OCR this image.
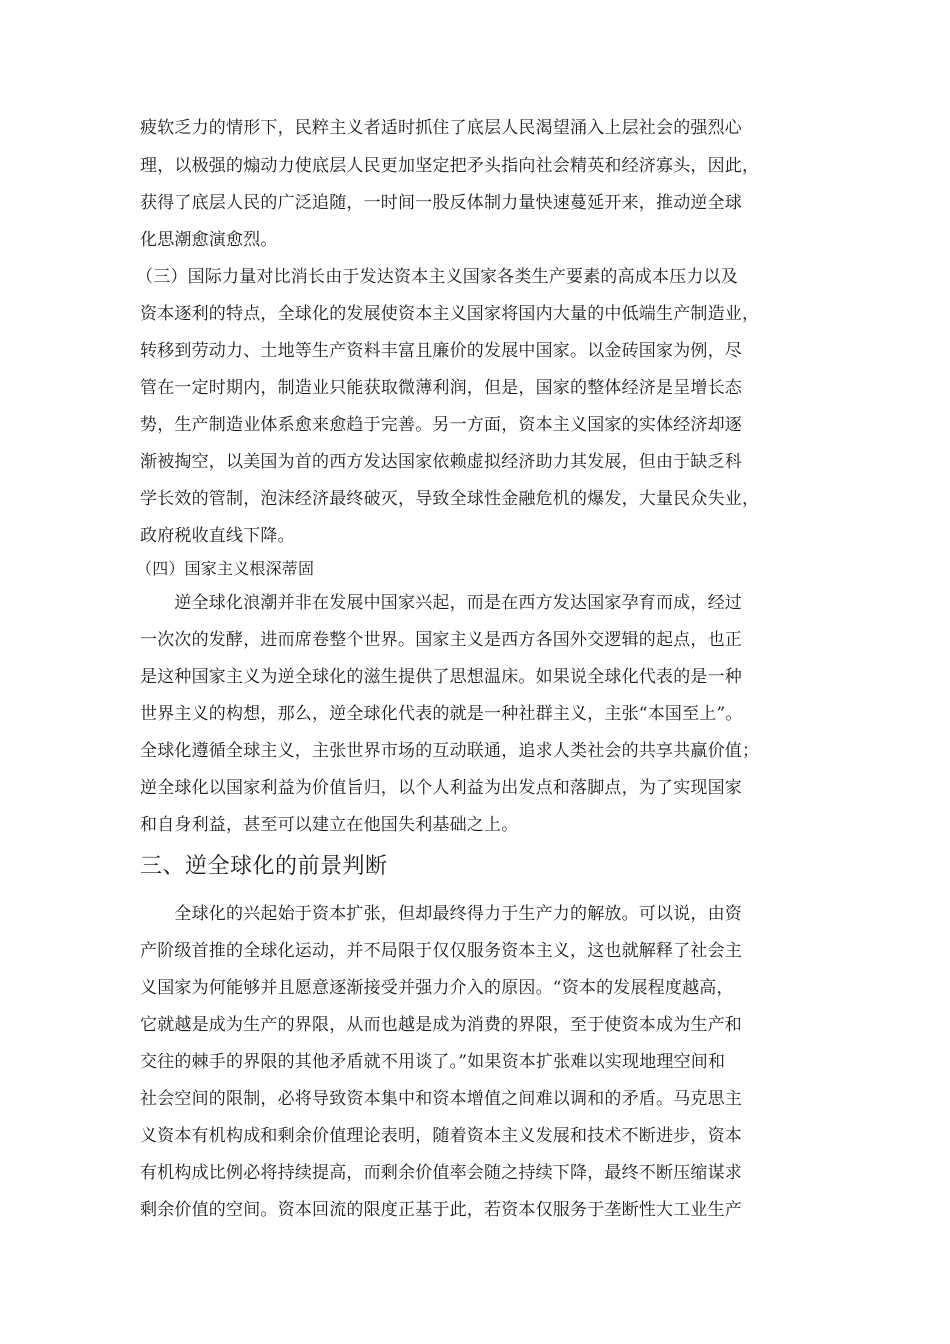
疲软乏力的情形下，民粹主义者适时抓住了底层人民渴望涌入上层社会的强烈心
理，以极强的煽动力使底层人民更加坚定把矛头指向社会精英和经济寡头，因此，
获得了底层人民的广泛追随，一时间一股反体制力量快速蔓延开来，推动逆全球
化思潮愈演愈烈。
（三）国际力量对比消长由于发达资本主义国家各类生产要素的高成本压力以及
资本逐利的特点，全球化的发展使资本主义国家将国内大量的中低端生产制造业，
转移到劳动力、土地等生产资料丰富且廉价的发展中国家。以金砖国家为例，尽
管在一定时期内，制造业只能获取微薄利润，但是，国家的整体经济是呈增长态
势，生产制造业体系愈来愈趋于完善。另一方面，资本主义国家的实体经济却逐
渐被掏空，以美国为首的西方发达国家依赖虚拟经济助力其发展，但由于缺乏科
学长效的管制，泡沫经济最终破灭，导致全球性金融危机的爆发，大量民众失业，
政府税收直线下降。
（四）国家主义根深蒂固
　　逆全球化浪潮并非在发展中国家兴起，而是在西方发达国家孕育而成，经过
一次次的发酵，进而席卷整个世界。国家主义是西方各国外交逻辑的起点，也正
是这种国家主义为逆全球化的滋生提供了思想温床。如果说全球化代表的是一种
世界主义的构想，那么，逆全球化代表的就是一种社群主义，主张“本国至上”。
全球化遵循全球主义，主张世界市场的互动联通，追求人类社会的共享共赢价值；
逆全球化以国家利益为价值旨归，以个人利益为出发点和落脚点，为了实现国家
和自身利益，甚至可以建立在他国失利基础之上。
三、逆全球化的前景判断
　　全球化的兴起始于资本扩张，但却最终得力于生产力的解放。可以说，由资
产阶级首推的全球化运动，并不局限于仅仅服务资本主义，这也就解释了社会主
义国家为何能够并且愿意逐渐接受并强力介入的原因。“资本的发展程度越高，
它就越是成为生产的界限，从而也越是成为消费的界限，至于使资本成为生产和
交往的棘手的界限的其他矛盾就不用谈了。”如果资本扩张难以实现地理空间和
社会空间的限制，必将导致资本集中和资本增值之间难以调和的矛盾。马克思主
义资本有机构成和剩余价值理论表明，随着资本主义发展和技术不断进步，资本
有机构成比例必将持续提高，而剩余价值率会随之持续下降，最终不断压缩谋求
剩余价值的空间。资本回流的限度正基于此，若资本仅服务于垄断性大工业生产
